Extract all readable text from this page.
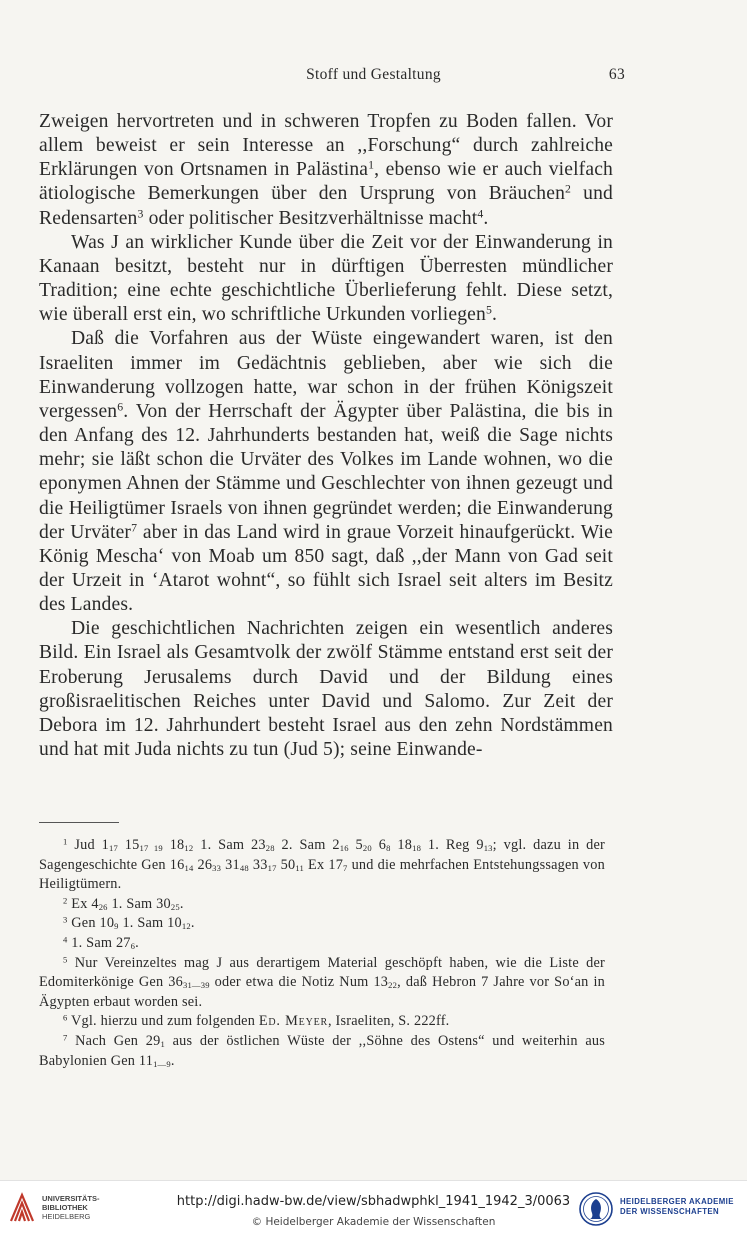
Stoff und Gestaltung	63

Zweigen hervortreten und in schweren Tropfen zu Boden fallen. Vor allem beweist er sein Interesse an ,,Forschung“ durch zahlreiche Erklärungen von Ortsnamen in Palästina$^1$, ebenso wie er auch vielfach ätiologische Bemerkungen über den Ursprung von Bräuchen$^2$ und Redensarten$^3$ oder politischer Besitzverhältnisse macht$^4$.

Was J an wirklicher Kunde über die Zeit vor der Einwanderung in Kanaan besitzt, besteht nur in dürftigen Überresten mündlicher Tradition; eine echte geschichtliche Überlieferung fehlt. Diese setzt, wie überall erst ein, wo schriftliche Urkunden vorliegen$^5$.

Daß die Vorfahren aus der Wüste eingewandert waren, ist den Israeliten immer im Gedächtnis geblieben, aber wie sich die Einwanderung vollzogen hatte, war schon in der frühen Königszeit vergessen$^6$. Von der Herrschaft der Ägypter über Palästina, die bis in den Anfang des 12. Jahrhunderts bestanden hat, weiß die Sage nichts mehr; sie läßt schon die Urväter des Volkes im Lande wohnen, wo die eponymen Ahnen der Stämme und Geschlechter von ihnen gezeugt und die Heiligtümer Israels von ihnen gegründet werden; die Einwanderung der Urväter$^7$ aber in das Land wird in graue Vorzeit hinaufgerückt. Wie König Mescha‘ von Moab um 850 sagt, daß ,,der Mann von Gad seit der Urzeit in ‘Atarot wohnt“, so fühlt sich Israel seit alters im Besitz des Landes.

Die geschichtlichen Nachrichten zeigen ein wesentlich anderes Bild. Ein Israel als Gesamtvolk der zwölf Stämme entstand erst seit der Eroberung Jerusalems durch David und der Bildung eines großisraelitischen Reiches unter David und Salomo. Zur Zeit der Debora im 12. Jahrhundert besteht Israel aus den zehn Nordstämmen und hat mit Juda nichts zu tun (Jud 5); seine Einwande-

$^1$ Jud $1_{17}$ $15_{17 19}$ $18_{12}$ 1. Sam $23_{28}$ 2. Sam $2_{16}$ $5_{20}$ $6_8$ $18_{18}$ 1. Reg $9_{13}$; vgl. dazu in der Sagengeschichte Gen $16_{14}$ $26_{33}$ $31_{48}$ $33_{17}$ $50_{11}$ Ex $17_7$ und die mehrfachen Entstehungssagen von Heiligtümern.

$^2$ Ex $4_{26}$ 1. Sam $30_{25}$.

$^3$ Gen $10_9$ 1. Sam $10_{12}$.

$^4$ 1. Sam $27_6$.

$^5$ Nur Vereinzeltes mag J aus derartigem Material geschöpft haben, wie die Liste der Edomiterkönige Gen $36_{31—39}$ oder etwa die Notiz Num $13_{22}$, daß Hebron 7 Jahre vor So‘an in Ägypten erbaut worden sei.

$^6$ Vgl. hierzu und zum folgenden Ed. Meyer, Israeliten, S. 222ff.

$^7$ Nach Gen $29_1$ aus der östlichen Wüste der ,,Söhne des Ostens“ und weiterhin aus Babylonien Gen $11_{1—9}$.

UNIVERSITÄTS-
BIBLIOTHEK
HEIDELBERG
http://digi.hadw-bw.de/view/sbhadwphkl_1941_1942_3/0063
© Heidelberger Akademie der Wissenschaften
HEIDELBERGER AKADEMIE
DER WISSENSCHAFTEN
